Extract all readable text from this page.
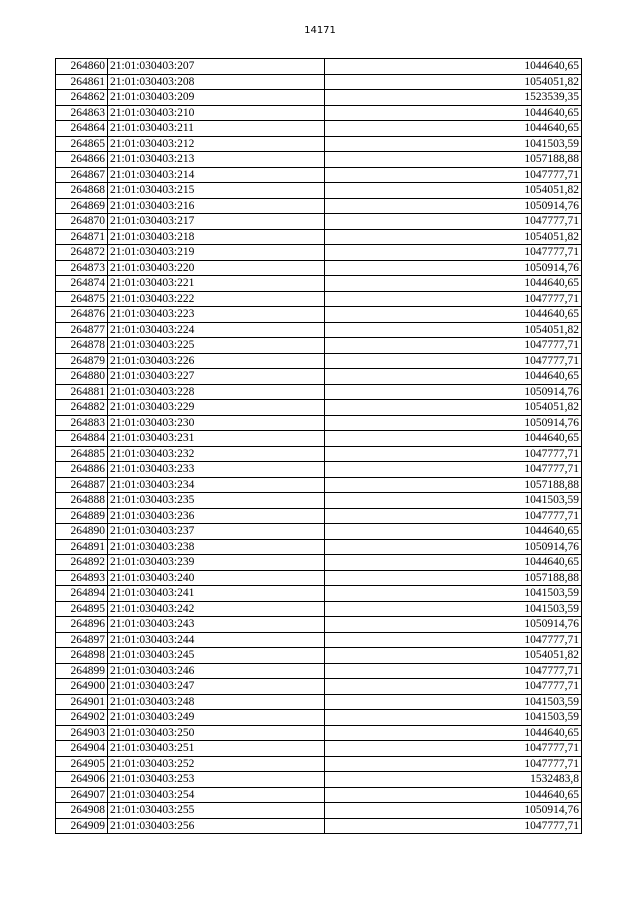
14171
264860	21:01:030403:207	1044640,65
264861	21:01:030403:208	1054051,82
264862	21:01:030403:209	1523539,35
264863	21:01:030403:210	1044640,65
264864	21:01:030403:211	1044640,65
264865	21:01:030403:212	1041503,59
264866	21:01:030403:213	1057188,88
264867	21:01:030403:214	1047777,71
264868	21:01:030403:215	1054051,82
264869	21:01:030403:216	1050914,76
264870	21:01:030403:217	1047777,71
264871	21:01:030403:218	1054051,82
264872	21:01:030403:219	1047777,71
264873	21:01:030403:220	1050914,76
264874	21:01:030403:221	1044640,65
264875	21:01:030403:222	1047777,71
264876	21:01:030403:223	1044640,65
264877	21:01:030403:224	1054051,82
264878	21:01:030403:225	1047777,71
264879	21:01:030403:226	1047777,71
264880	21:01:030403:227	1044640,65
264881	21:01:030403:228	1050914,76
264882	21:01:030403:229	1054051,82
264883	21:01:030403:230	1050914,76
264884	21:01:030403:231	1044640,65
264885	21:01:030403:232	1047777,71
264886	21:01:030403:233	1047777,71
264887	21:01:030403:234	1057188,88
264888	21:01:030403:235	1041503,59
264889	21:01:030403:236	1047777,71
264890	21:01:030403:237	1044640,65
264891	21:01:030403:238	1050914,76
264892	21:01:030403:239	1044640,65
264893	21:01:030403:240	1057188,88
264894	21:01:030403:241	1041503,59
264895	21:01:030403:242	1041503,59
264896	21:01:030403:243	1050914,76
264897	21:01:030403:244	1047777,71
264898	21:01:030403:245	1054051,82
264899	21:01:030403:246	1047777,71
264900	21:01:030403:247	1047777,71
264901	21:01:030403:248	1041503,59
264902	21:01:030403:249	1041503,59
264903	21:01:030403:250	1044640,65
264904	21:01:030403:251	1047777,71
264905	21:01:030403:252	1047777,71
264906	21:01:030403:253	1532483,8
264907	21:01:030403:254	1044640,65
264908	21:01:030403:255	1050914,76
264909	21:01:030403:256	1047777,71
